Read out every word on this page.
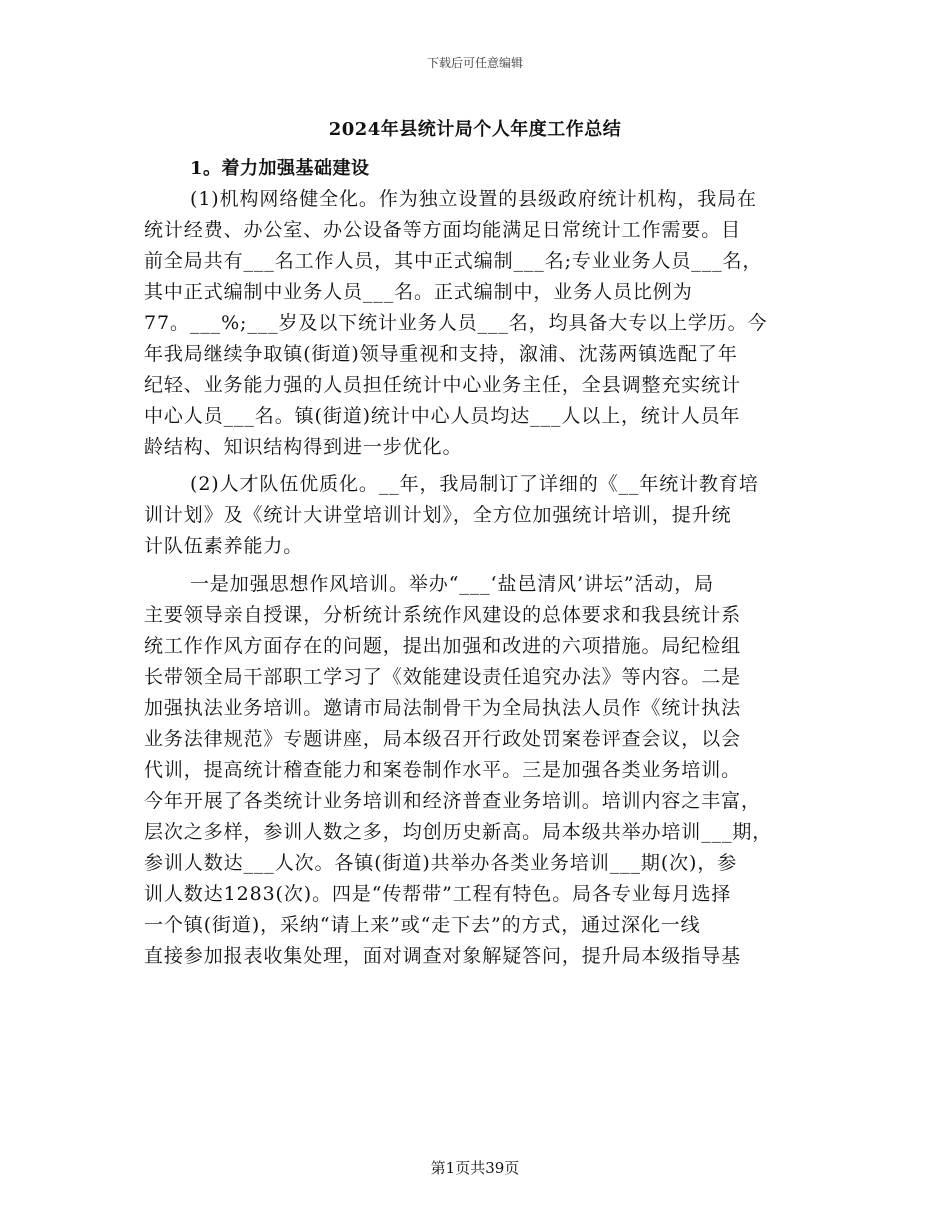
下载后可任意编辑
2024年县统计局个人年度工作总结
1。着力加强基础建设
(1)机构网络健全化。作为独立设置的县级政府统计机构，我局在
统计经费、办公室、办公设备等方面均能满足日常统计工作需要。目
前全局共有___名工作人员，其中正式编制___名;专业业务人员___名，
其中正式编制中业务人员___名。正式编制中，业务人员比例为
77。___%;___岁及以下统计业务人员___名，均具备大专以上学历。今
年我局继续争取镇(街道)领导重视和支持，溆浦、沈荡两镇选配了年
纪轻、业务能力强的人员担任统计中心业务主任，全县调整充实统计
中心人员___名。镇(街道)统计中心人员均达___人以上，统计人员年
龄结构、知识结构得到进一步优化。
(2)人才队伍优质化。__年，我局制订了详细的《__年统计教育培
训计划》及《统计大讲堂培训计划》，全方位加强统计培训，提升统
计队伍素养能力。
一是加强思想作风培训。举办“___‘盐邑清风’讲坛”活动，局
主要领导亲自授课，分析统计系统作风建设的总体要求和我县统计系
统工作作风方面存在的问题，提出加强和改进的六项措施。局纪检组
长带领全局干部职工学习了《效能建设责任追究办法》等内容。二是
加强执法业务培训。邀请市局法制骨干为全局执法人员作《统计执法
业务法律规范》专题讲座，局本级召开行政处罚案卷评查会议，以会
代训，提高统计稽查能力和案卷制作水平。三是加强各类业务培训。
今年开展了各类统计业务培训和经济普查业务培训。培训内容之丰富，
层次之多样，参训人数之多，均创历史新高。局本级共举办培训___期，
参训人数达___人次。各镇(街道)共举办各类业务培训___期(次)，参
训人数达1283(次)。四是“传帮带”工程有特色。局各专业每月选择
一个镇(街道)，采纳“请上来”或“走下去”的方式，通过深化一线
直接参加报表收集处理，面对调查对象解疑答问，提升局本级指导基
第1页共39页
